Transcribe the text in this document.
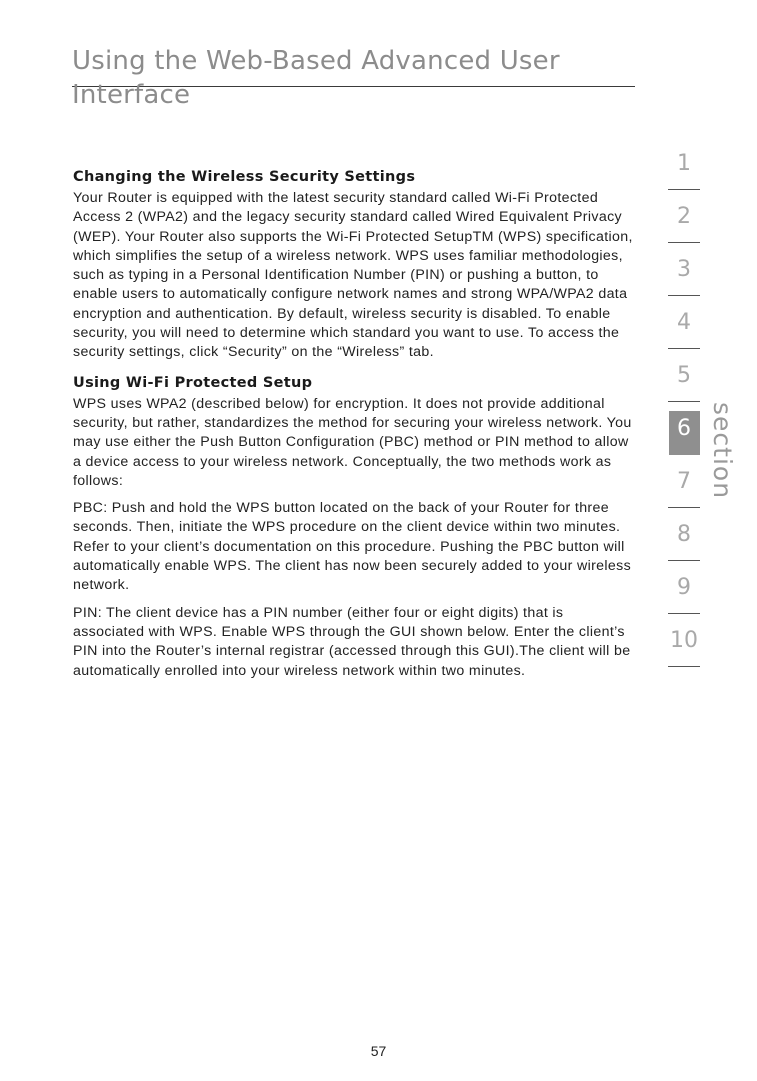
Using the Web-Based Advanced User Interface
Changing the Wireless Security Settings

Your Router is equipped with the latest security standard called Wi-Fi Protected Access 2 (WPA2) and the legacy security standard called Wired Equivalent Privacy (WEP). Your Router also supports the Wi-Fi Protected SetupTM (WPS) specification, which simplifies the setup of a wireless network. WPS uses familiar methodologies, such as typing in a Personal Identification Number (PIN) or pushing a button, to enable users to automatically configure network names and strong WPA/WPA2 data encryption and authentication. By default, wireless security is disabled. To enable security, you will need to determine which standard you want to use. To access the security settings, click “Security” on the “Wireless” tab.

Using Wi-Fi Protected Setup

WPS uses WPA2 (described below) for encryption. It does not provide additional security, but rather, standardizes the method for securing your wireless network. You may use either the Push Button Configuration (PBC) method or PIN method to allow a device access to your wireless network. Conceptually, the two methods work as follows:

PBC: Push and hold the WPS button located on the back of your Router for three seconds. Then, initiate the WPS procedure on the client device within two minutes. Refer to your client’s documentation on this procedure. Pushing the PBC button will automatically enable WPS. The client has now been securely added to your wireless network.

PIN: The client device has a PIN number (either four or eight digits) that is associated with WPS. Enable WPS through the GUI shown below. Enter the client’s PIN into the Router’s internal registrar (accessed through this GUI).The client will be automatically enrolled into your wireless network within two minutes.

1
2
3
4
5
6
7
8
9
10
section
57
